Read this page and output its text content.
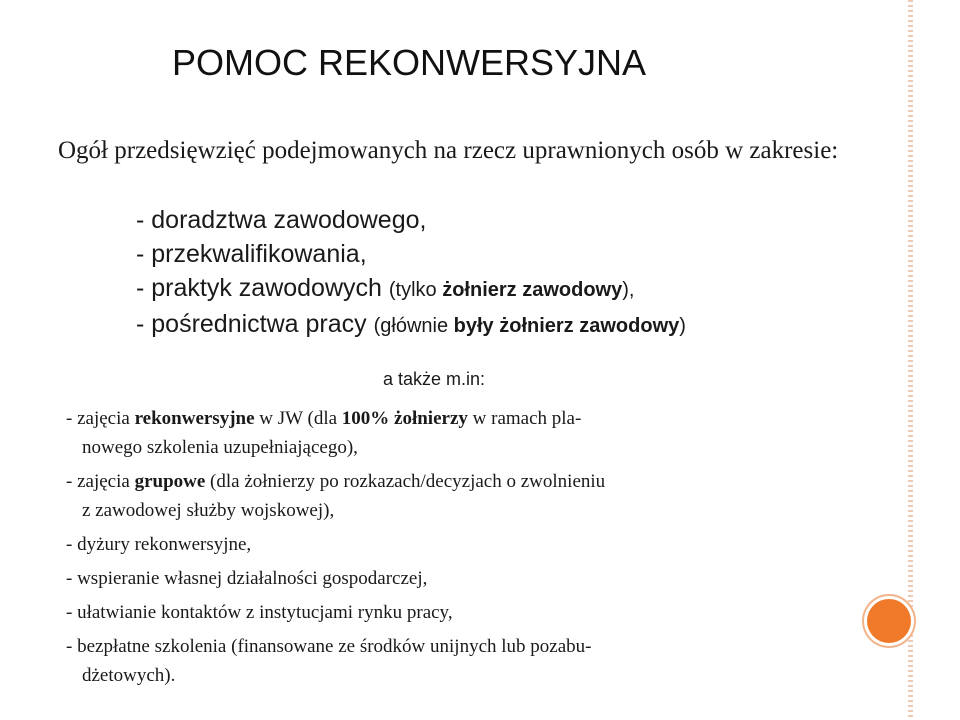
POMOC REKONWERSYJNA
Ogół przedsięwzięć podejmowanych na rzecz uprawnionych osób w zakresie:
- doradztwa zawodowego,
- przekwalifikowania,
- praktyk zawodowych (tylko żołnierz zawodowy),
- pośrednictwa pracy (głównie były żołnierz zawodowy)
a także m.in:
- zajęcia rekonwersyjne w JW (dla 100% żołnierzy w ramach pla-
nowego szkolenia uzupełniającego),
- zajęcia grupowe (dla żołnierzy po rozkazach/decyzjach o zwolnieniu
z zawodowej służby wojskowej),
- dyżury rekonwersyjne,
- wspieranie własnej działalności gospodarczej,
- ułatwianie kontaktów z instytucjami rynku pracy,
- bezpłatne szkolenia (finansowane ze środków unijnych lub pozabu-
dżetowych).
